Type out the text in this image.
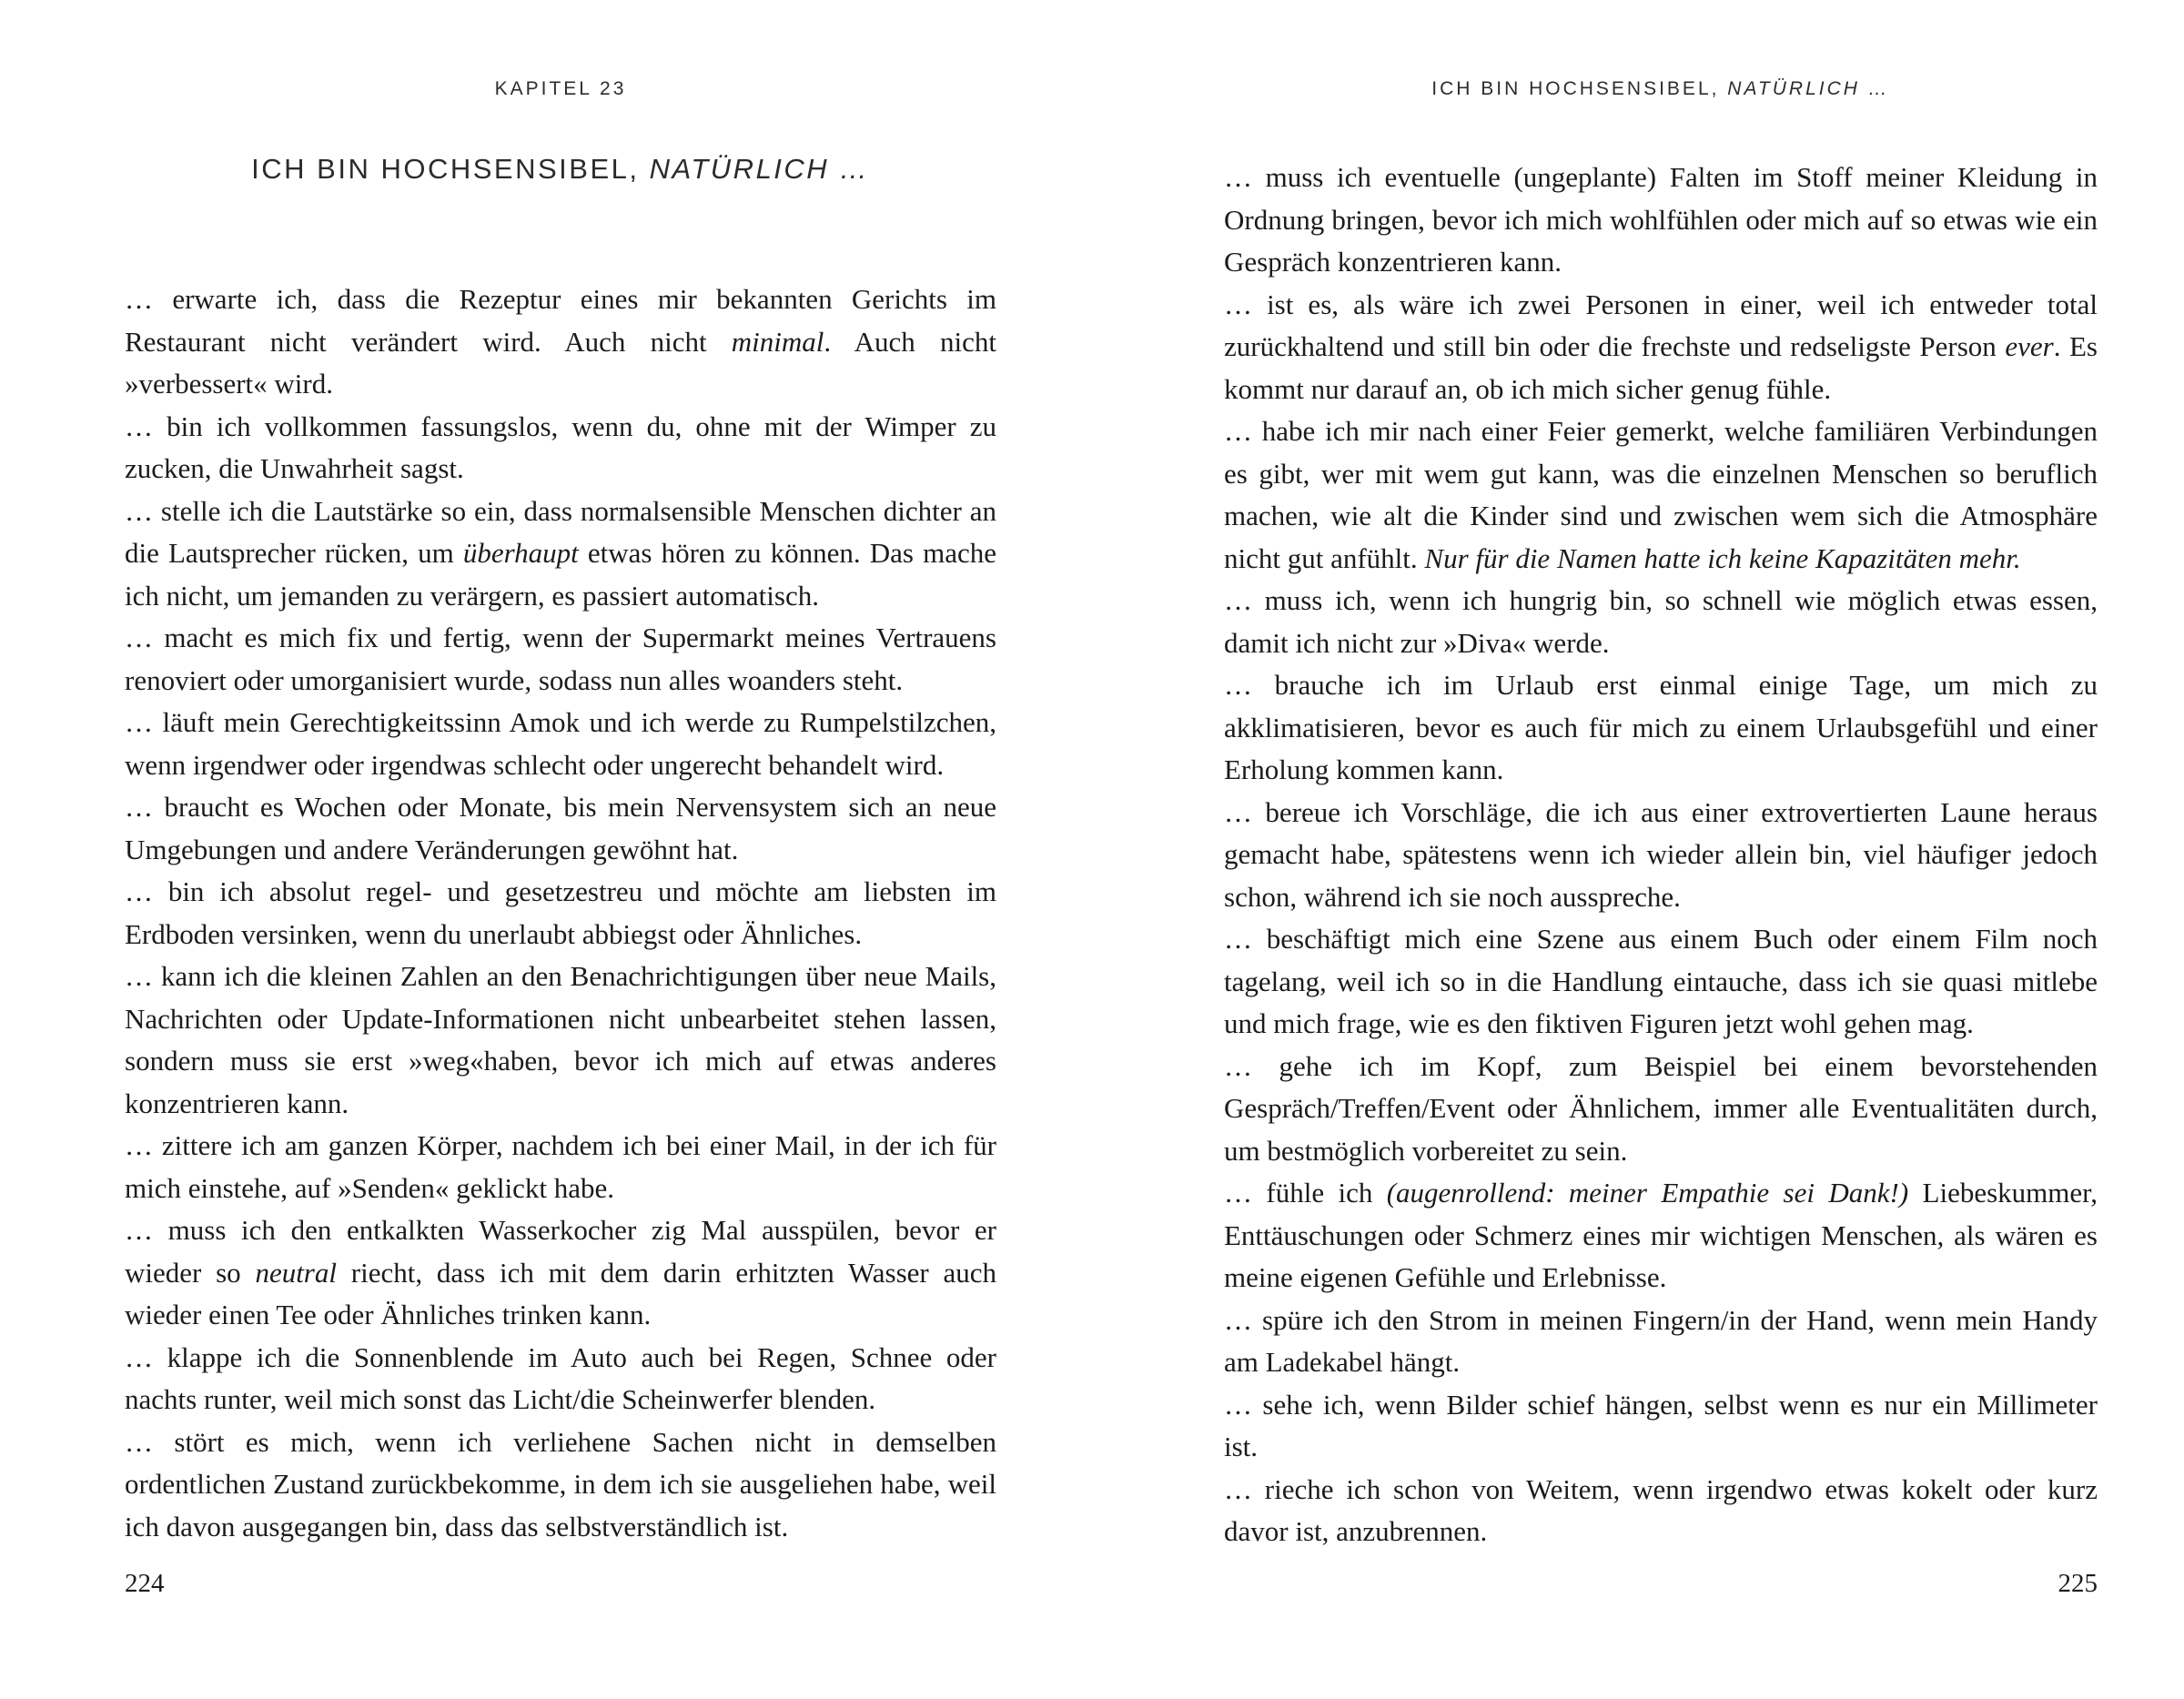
KAPITEL 23
ICH BIN HOCHSENSIBEL, NATÜRLICH …

… erwarte ich, dass die Rezeptur eines mir bekannten Gerichts im Restaurant nicht verändert wird. Auch nicht minimal. Auch nicht »verbessert« wird.

… bin ich vollkommen fassungslos, wenn du, ohne mit der Wimper zu zucken, die Unwahrheit sagst.

… stelle ich die Lautstärke so ein, dass normalsensible Menschen dichter an die Lautsprecher rücken, um überhaupt etwas hören zu können. Das mache ich nicht, um jemanden zu verärgern, es passiert automatisch.

… macht es mich fix und fertig, wenn der Supermarkt meines Vertrauens renoviert oder umorganisiert wurde, sodass nun alles woanders steht.

… läuft mein Gerechtigkeitssinn Amok und ich werde zu Rumpelstilzchen, wenn irgendwer oder irgendwas schlecht oder ungerecht behandelt wird.

… braucht es Wochen oder Monate, bis mein Nervensystem sich an neue Umgebungen und andere Veränderungen gewöhnt hat.

… bin ich absolut regel- und gesetzestreu und möchte am liebsten im Erdboden versinken, wenn du unerlaubt abbiegst oder Ähnliches.

… kann ich die kleinen Zahlen an den Benachrichtigungen über neue Mails, Nachrichten oder Update-Informationen nicht unbearbeitet stehen lassen, sondern muss sie erst »weg«haben, bevor ich mich auf etwas anderes konzentrieren kann.

… zittere ich am ganzen Körper, nachdem ich bei einer Mail, in der ich für mich einstehe, auf »Senden« geklickt habe.

… muss ich den entkalkten Wasserkocher zig Mal ausspülen, bevor er wieder so neutral riecht, dass ich mit dem darin erhitzten Wasser auch wieder einen Tee oder Ähnliches trinken kann.

… klappe ich die Sonnenblende im Auto auch bei Regen, Schnee oder nachts runter, weil mich sonst das Licht/die Scheinwerfer blenden.

… stört es mich, wenn ich verliehene Sachen nicht in demselben ordentlichen Zustand zurückbekomme, in dem ich sie ausgeliehen habe, weil ich davon ausgegangen bin, dass das selbstverständlich ist.

224
ICH BIN HOCHSENSIBEL, NATÜRLICH …

… muss ich eventuelle (ungeplante) Falten im Stoff meiner Kleidung in Ordnung bringen, bevor ich mich wohlfühlen oder mich auf so etwas wie ein Gespräch konzentrieren kann.

… ist es, als wäre ich zwei Personen in einer, weil ich entweder total zurückhaltend und still bin oder die frechste und redseligste Person ever. Es kommt nur darauf an, ob ich mich sicher genug fühle.

… habe ich mir nach einer Feier gemerkt, welche familiären Verbindungen es gibt, wer mit wem gut kann, was die einzelnen Menschen so beruflich machen, wie alt die Kinder sind und zwischen wem sich die Atmosphäre nicht gut anfühlt. Nur für die Namen hatte ich keine Kapazitäten mehr.

… muss ich, wenn ich hungrig bin, so schnell wie möglich etwas essen, damit ich nicht zur »Diva« werde.

… brauche ich im Urlaub erst einmal einige Tage, um mich zu akklimatisieren, bevor es auch für mich zu einem Urlaubsgefühl und einer Erholung kommen kann.

… bereue ich Vorschläge, die ich aus einer extrovertierten Laune heraus gemacht habe, spätestens wenn ich wieder allein bin, viel häufiger jedoch schon, während ich sie noch ausspreche.

… beschäftigt mich eine Szene aus einem Buch oder einem Film noch tagelang, weil ich so in die Handlung eintauche, dass ich sie quasi mitlebe und mich frage, wie es den fiktiven Figuren jetzt wohl gehen mag.

… gehe ich im Kopf, zum Beispiel bei einem bevorstehenden Gespräch/Treffen/Event oder Ähnlichem, immer alle Eventualitäten durch, um bestmöglich vorbereitet zu sein.

… fühle ich (augenrollend: meiner Empathie sei Dank!) Liebeskummer, Enttäuschungen oder Schmerz eines mir wichtigen Menschen, als wären es meine eigenen Gefühle und Erlebnisse.

… spüre ich den Strom in meinen Fingern/in der Hand, wenn mein Handy am Ladekabel hängt.

… sehe ich, wenn Bilder schief hängen, selbst wenn es nur ein Millimeter ist.

… rieche ich schon von Weitem, wenn irgendwo etwas kokelt oder kurz davor ist, anzubrennen.

225
